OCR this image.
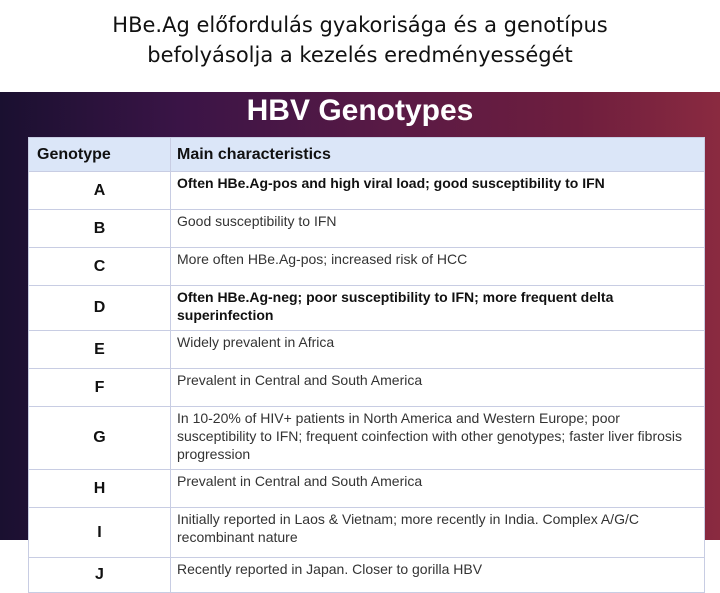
HBe.Ag előfordulás gyakorisága és a genotípus
befolyásolja a kezelés eredményességét
HBV Genotypes
Genotype	Main characteristics
A	Often HBe.Ag-pos and high viral load; good susceptibility to IFN
B	Good susceptibility to IFN
C	More often HBe.Ag-pos; increased risk of HCC
D	Often HBe.Ag-neg; poor susceptibility to IFN; more frequent delta superinfection
E	Widely prevalent in Africa
F	Prevalent in Central and South America
G	In 10-20% of HIV+ patients in North America and Western Europe; poor susceptibility to IFN; frequent coinfection with other genotypes; faster liver fibrosis progression
H	Prevalent in Central and South America
I	Initially reported in Laos & Vietnam; more recently in India. Complex A/G/C recombinant nature
J	Recently reported in Japan. Closer to gorilla HBV
